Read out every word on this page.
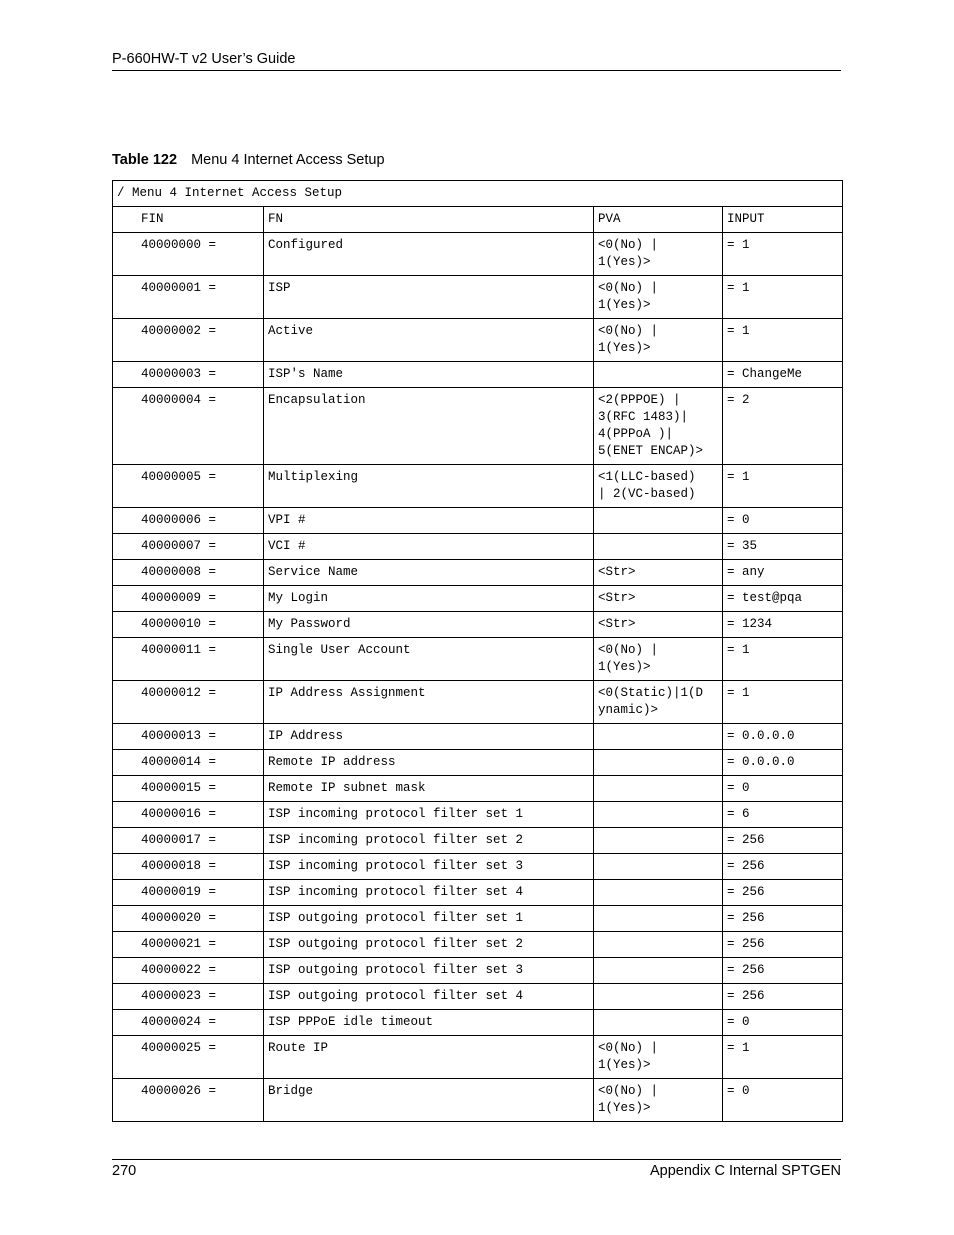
P-660HW-T v2 User’s Guide
Table 122 Menu 4 Internet Access Setup
/ Menu 4 Internet Access Setup			
FIN	FN	PVA	INPUT
40000000 =	Configured	<0(No) |
1(Yes)>	= 1
40000001 =	ISP	<0(No) |
1(Yes)>	= 1
40000002 =	Active	<0(No) |
1(Yes)>	= 1
40000003 =	ISP's Name		= ChangeMe
40000004 =	Encapsulation	<2(PPPOE) |
3(RFC 1483)|
4(PPPoA )|
5(ENET ENCAP)>	= 2
40000005 =	Multiplexing	<1(LLC-based)
| 2(VC-based)	= 1
40000006 =	VPI #		= 0
40000007 =	VCI #		= 35
40000008 =	Service Name	<Str>	= any
40000009 =	My Login	<Str>	= test@pqa
40000010 =	My Password	<Str>	= 1234
40000011 =	Single User Account	<0(No) |
1(Yes)>	= 1
40000012 =	IP Address Assignment	<0(Static)|1(D
ynamic)>	= 1
40000013 =	IP Address		= 0.0.0.0
40000014 =	Remote IP address		= 0.0.0.0
40000015 =	Remote IP subnet mask		= 0
40000016 =	ISP incoming protocol filter set 1		= 6
40000017 =	ISP incoming protocol filter set 2		= 256
40000018 =	ISP incoming protocol filter set 3		= 256
40000019 =	ISP incoming protocol filter set 4		= 256
40000020 =	ISP outgoing protocol filter set 1		= 256
40000021 =	ISP outgoing protocol filter set 2		= 256
40000022 =	ISP outgoing protocol filter set 3		= 256
40000023 =	ISP outgoing protocol filter set 4		= 256
40000024 =	ISP PPPoE idle timeout		= 0
40000025 =	Route IP	<0(No) |
1(Yes)>	= 1
40000026 =	Bridge	<0(No) |
1(Yes)>	= 0
270	Appendix C Internal SPTGEN
